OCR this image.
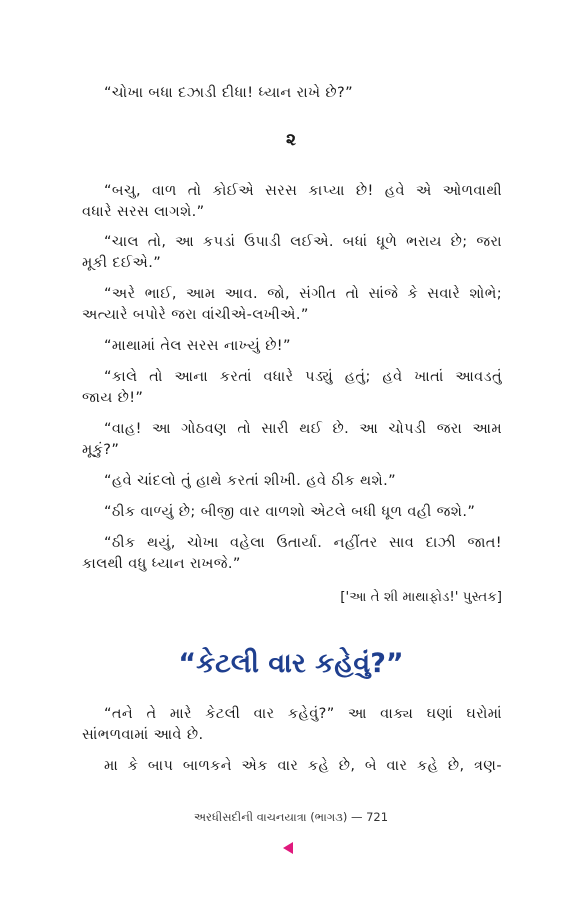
“ચોખા બધા દઝાડી દીધા! ધ્યાન રાખે છે?”
૨
“બચુ, વાળ તો કોઈએ સરસ કાપ્યા છે! હવે એ ઓળવાથી
વધારે સરસ લાગશે.”
“ચાલ તો, આ કપડાં ઉપાડી લઈએ. બધાં ધૂળે ભરાય છે; જરા
મૂકી દઈએ.”
“અરે ભાઈ, આમ આવ. જો, સંગીત તો સાંજે કે સવારે શોભે;
અત્યારે બપોરે જરા વાંચીએ-લખીએ.”
“માથામાં તેલ સરસ નાખ્યું છે!”
“કાલે તો આના કરતાં વધારે પડ્યું હતું; હવે ખાતાં આવડતું
જાય છે!”
“વાહ! આ ગોઠવણ તો સારી થઈ છે. આ ચોપડી જરા આમ
મૂકું?”
“હવે ચાંદલો તું હાથે કરતાં શીખી. હવે ઠીક થશે.”
“ઠીક વાળ્યું છે; બીજી વાર વાળશો એટલે બધી ધૂળ વહી જશે.”
“ઠીક થયું, ચોખા વહેલા ઉતાર્યા. નહીંતર સાવ દાઝી જાત!
કાલથી વધુ ધ્યાન રાખજે.”
['આ તે શી માથાફોડ!' પુસ્તક]
“કેટલી વાર કહેવું?”
“તને તે મારે કેટલી વાર કહેવું?” આ વાક્ય ઘણાં ઘરોમાં
સાંભળવામાં આવે છે.
મા કે બાપ બાળકને એક વાર કહે છે, બે વાર કહે છે, ત્રણ-
અરધીસદીની વાચનયાત્રા (ભાગ૩) — 721
